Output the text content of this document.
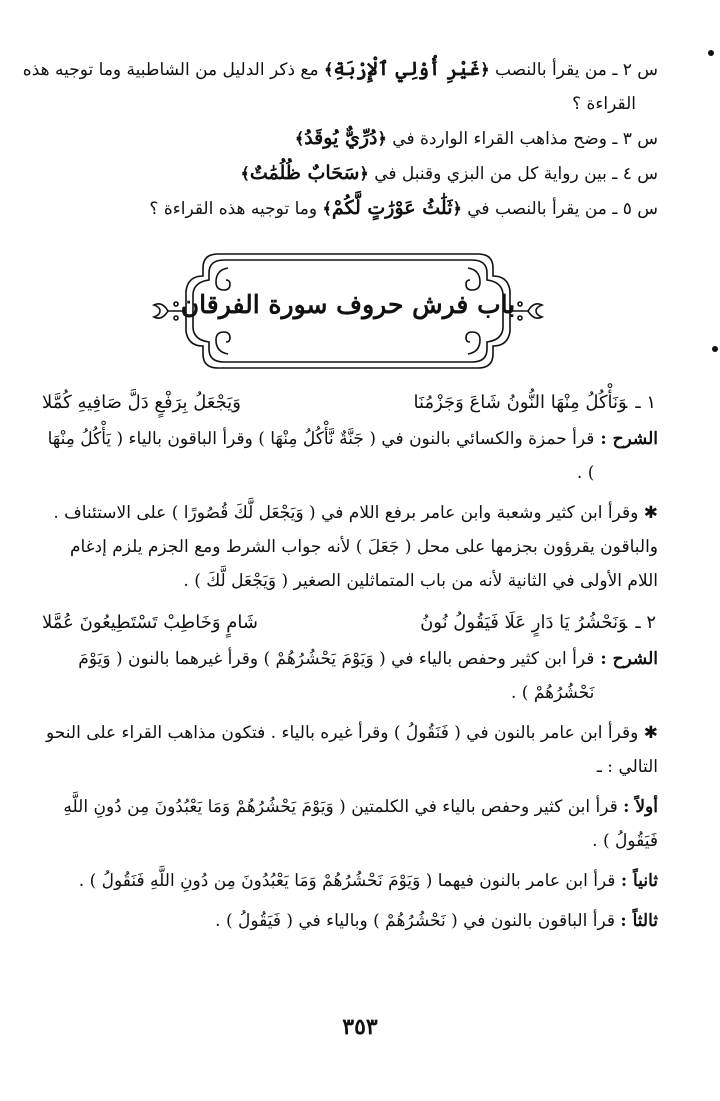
س ٢ ـ من يقرأ بالنصب ﴿غَيْرِ أُوْلِي ٱلْإِرْبَةِ﴾ مع ذكر الدليل من الشاطبية وما توجيه هذه
القراءة ؟
س ٣ ـ وضح مذاهب القراء الواردة في ﴿دُرِّيٌّ يُوقَدُ﴾
س ٤ ـ بين رواية كل من البزي وقنبل في ﴿سَحَابٌ ظُلُمَٰتٌ﴾
س ٥ ـ من يقرأ بالنصب في ﴿ثَلَٰثُ عَوْرَٰتٍ لَّكُمْ﴾ وما توجيه هذه القراءة ؟
باب فرش حروف سورة الفرقان
١ ـوَنَأْكُلُ مِنْهَا النُّونُ شَاعَ وَجَزْمُنَا
وَيَجْعَلُ بِرَفْعٍ دَلَّ صَافِيهِ كُمَّلا
الشرح :
قرأ حمزة والكسائي بالنون في ( جَنَّةٌ نَّأْكُلُ مِنْهَا ) وقرأ الباقون بالياء ( يَأْكُلُ مِنْهَا ) .
✱ وقرأ ابن كثير وشعبة وابن عامر برفع اللام في ( وَيَجْعَل لَّكَ قُصُورًا ) على الاستئناف . والباقون يقرؤون بجزمها على محل ( جَعَلَ ) لأنه جواب الشرط ومع الجزم يلزم إدغام اللام الأولى في الثانية لأنه من باب المتماثلين الصغير ( وَيَجْعَل لَّكَ ) .
٢ ـوَنَحْشُرُ يَا دَارٍ عَلَا فَيَقُولُ نُونُ
شَامٍ وَخَاطِبْ تَسْتَطِيعُونَ عُمَّلا
الشرح :
قرأ ابن كثير وحفص بالياء في ( وَيَوْمَ يَحْشُرُهُمْ ) وقرأ غيرهما بالنون ( وَيَوْمَ نَحْشُرُهُمْ ) .
✱ وقرأ ابن عامر بالنون في ( فَنَقُولُ ) وقرأ غيره بالياء . فتكون مذاهب القراء على النحو التالي : ـ
أولاً : قرأ ابن كثير وحفص بالياء في الكلمتين ( وَيَوْمَ يَحْشُرُهُمْ وَمَا يَعْبُدُونَ مِن دُونِ اللَّهِ فَيَقُولُ ) .
ثانياً : قرأ ابن عامر بالنون فيهما ( وَيَوْمَ نَحْشُرُهُمْ وَمَا يَعْبُدُونَ مِن دُونِ اللَّهِ فَنَقُولُ ) .
ثالثاً : قرأ الباقون بالنون في ( نَحْشُرُهُمْ ) وبالياء في ( فَيَقُولُ ) .
٣٥٣
